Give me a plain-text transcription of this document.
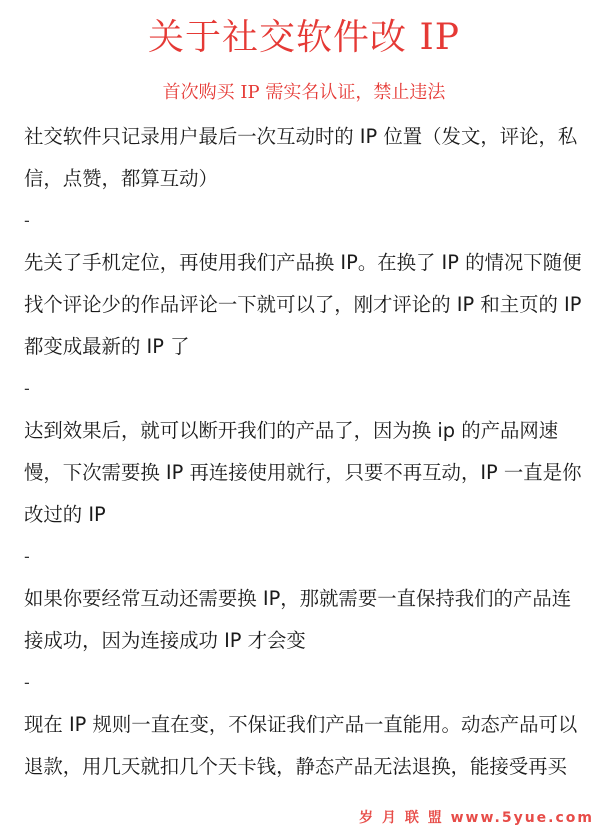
关于社交软件改 IP
首次购买 IP 需实名认证，禁止违法

社交软件只记录用户最后一次互动时的 IP 位置（发文，评论，私信，点赞，都算互动）

-

先关了手机定位，再使用我们产品换 IP。在换了 IP 的情况下随便找个评论少的作品评论一下就可以了，刚才评论的 IP 和主页的 IP 都变成最新的 IP 了

-

达到效果后，就可以断开我们的产品了，因为换 ip 的产品网速慢，下次需要换 IP 再连接使用就行，只要不再互动，IP 一直是你改过的 IP

-

如果你要经常互动还需要换 IP，那就需要一直保持我们的产品连接成功，因为连接成功 IP 才会变

-

现在 IP 规则一直在变，不保证我们产品一直能用。动态产品可以退款，用几天就扣几个天卡钱，静态产品无法退换，能接受再买

岁 月 联 盟 www.5yue.com
